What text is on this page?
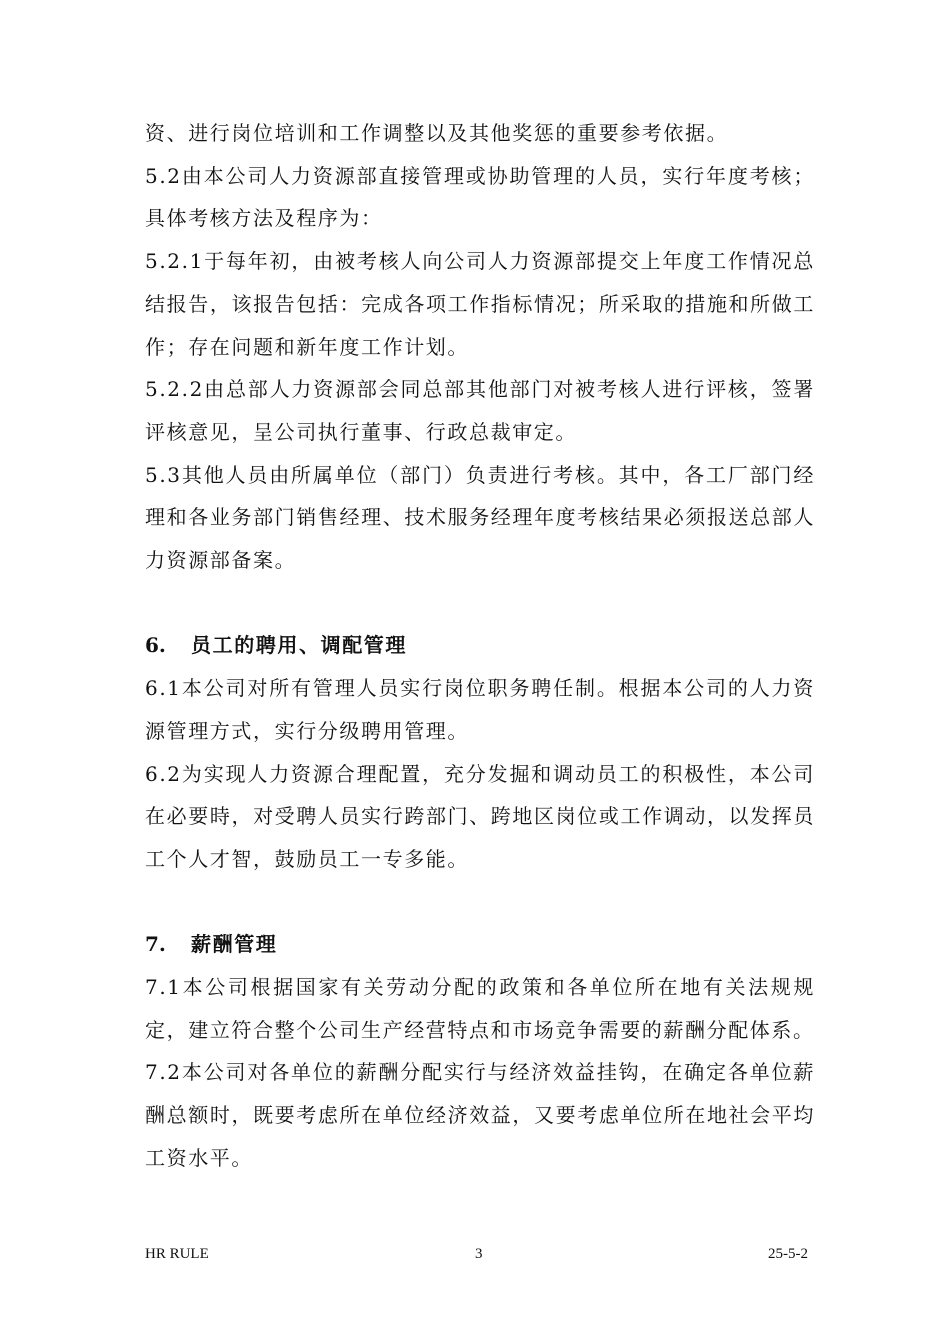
资、进行岗位培训和工作调整以及其他奖惩的重要参考依据。

5.2由本公司人力资源部直接管理或协助管理的人员，实行年度考核；具体考核方法及程序为：

5.2.1于每年初，由被考核人向公司人力资源部提交上年度工作情况总结报告，该报告包括：完成各项工作指标情况；所采取的措施和所做工作；存在问题和新年度工作计划。

5.2.2由总部人力资源部会同总部其他部门对被考核人进行评核，签署评核意见，呈公司执行董事、行政总裁审定。

5.3其他人员由所属单位（部门）负责进行考核。其中，各工厂部门经理和各业务部门销售经理、技术服务经理年度考核结果必须报送总部人力资源部备案。

6. 员工的聘用、调配管理

6.1本公司对所有管理人员实行岗位职务聘任制。根据本公司的人力资源管理方式，实行分级聘用管理。

6.2为实现人力资源合理配置，充分发掘和调动员工的积极性，本公司在必要時，对受聘人员实行跨部门、跨地区岗位或工作调动，以发挥员工个人才智，鼓励员工一专多能。

7. 薪酬管理

7.1本公司根据国家有关劳动分配的政策和各单位所在地有关法规规定，建立符合整个公司生产经营特点和市场竞争需要的薪酬分配体系。

7.2本公司对各单位的薪酬分配实行与经济效益挂钩，在确定各单位薪酬总额时，既要考虑所在单位经济效益，又要考虑单位所在地社会平均工资水平。

HR RULE	3	25-5-2
